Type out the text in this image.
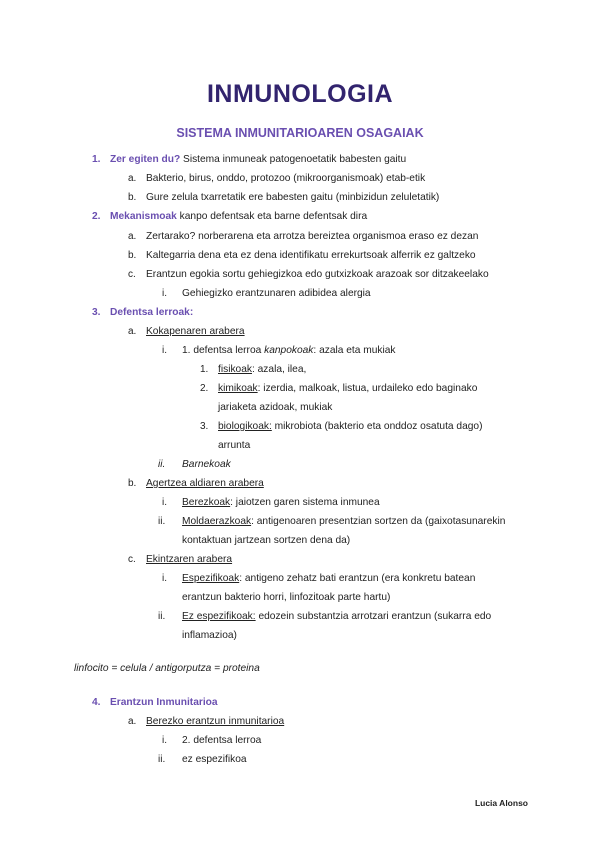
INMUNOLOGIA
SISTEMA INMUNITARIOAREN OSAGAIAK
1. Zer egiten du? Sistema inmuneak patogenoetatik babesten gaitu
a. Bakterio, birus, onddo, protozoo (mikroorganismoak) etab-etik
b. Gure zelula txarretatik ere babesten gaitu (minbizidun zeluletatik)
2. Mekanismoak kanpo defentsak eta barne defentsak dira
a. Zertarako? norberarena eta arrotza bereiztea organismoa eraso ez dezan
b. Kaltegarria dena eta ez dena identifikatu errekurtsoak alferrik ez galtzeko
c. Erantzun egokia sortu gehiegizkoa edo gutxizkoak arazoak sor ditzakeelako
i. Gehiegizko erantzunaren adibidea alergia
3. Defentsa lerroak:
a. Kokapenaren arabera
i. 1. defentsa lerroa kanpokoak: azala eta mukiak
1. fisikoak: azala, ilea,
2. kimikoak: izerdia, malkoak, listua, urdaileko edo baginako
jariaketa azidoak, mukiak
3. biologikoak: mikrobiota (bakterio eta onddoz osatuta dago)
arrunta
ii. Barnekoak
b. Agertzea aldiaren arabera
i. Berezkoak: jaiotzen garen sistema inmunea
ii. Moldaerazkoak: antigenoaren presentzian sortzen da (gaixotasunarekin
kontaktuan jartzean sortzen dena da)
c. Ekintzaren arabera
i. Espezifikoak: antigeno zehatz bati erantzun (era konkretu batean
erantzun bakterio horri, linfozitoak parte hartu)
ii. Ez espezifikoak: edozein substantzia arrotzari erantzun (sukarra edo
inflamazioa)
linfocito = celula / antigorputza = proteina
4. Erantzun Inmunitarioa
a. Berezko erantzun inmunitarioa
i. 2. defentsa lerroa
ii. ez espezifikoa
Lucia Alonso
